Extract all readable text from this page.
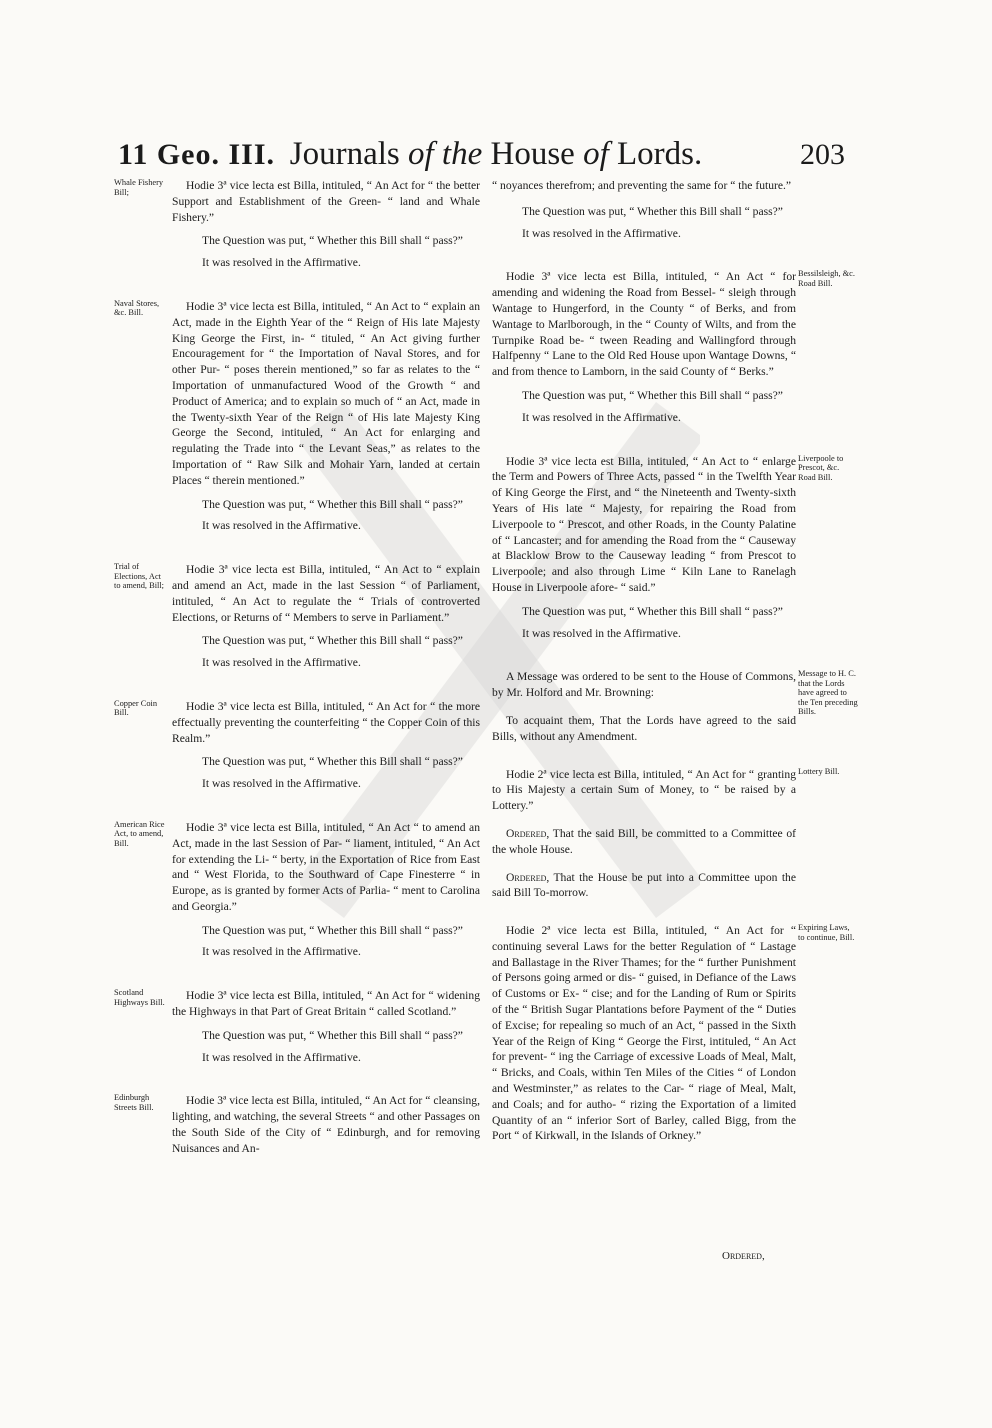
11 Geo. III. Journals of the House of Lords.	203
Whale Fishery Bill;	Hodie 3ª vice lecta est Billa, intituled, “ An Act for “ the better Support and Establishment of the Green- “ land and Whale Fishery.”
The Question was put, “ Whether this Bill shall “ pass?”
It was resolved in the Affirmative.
Naval Stores, &c. Bill.	Hodie 3ª vice lecta est Billa, intituled, “ An Act to “ explain an Act, made in the Eighth Year of the “ Reign of His late Majesty King George the First, in- “ tituled, “ An Act giving further Encouragement for “ the Importation of Naval Stores, and for other Pur- “ poses therein mentioned,” so far as relates to the “ Importation of unmanufactured Wood of the Growth “ and Product of America; and to explain so much of “ an Act, made in the Twenty-sixth Year of the Reign “ of His late Majesty King George the Second, intituled, “ An Act for enlarging and regulating the Trade into “ the Levant Seas,” as relates to the Importation of “ Raw Silk and Mohair Yarn, landed at certain Places “ therein mentioned.”
The Question was put, “ Whether this Bill shall “ pass?”
It was resolved in the Affirmative.
Trial of Elections, Act to amend, Bill;
Hodie 3ª vice lecta est Billa, intituled, “ An Act to “ explain and amend an Act, made in the last Session “ of Parliament, intituled, “ An Act to regulate the “ Trials of controverted Elections, or Returns of “ Members to serve in Parliament.”
The Question was put, “ Whether this Bill shall “ pass?”
It was resolved in the Affirmative.
Copper Coin Bill.	Hodie 3ª vice lecta est Billa, intituled, “ An Act for “ the more effectually preventing the counterfeiting “ the Copper Coin of this Realm.”
The Question was put, “ Whether this Bill shall “ pass?”
It was resolved in the Affirmative.
American Rice Act, to amend, Bill.
Hodie 3ª vice lecta est Billa, intituled, “ An Act “ to amend an Act, made in the last Session of Par- “ liament, intituled, “ An Act for extending the Li- “ berty, in the Exportation of Rice from East and “ West Florida, to the Southward of Cape Finesterre “ in Europe, as is granted by former Acts of Parlia- “ ment to Carolina and Georgia.”
The Question was put, “ Whether this Bill shall “ pass?”
It was resolved in the Affirmative.
Scotland Highways Bill.	Hodie 3ª vice lecta est Billa, intituled, “ An Act for “ widening the Highways in that Part of Great Britain “ called Scotland.”
The Question was put, “ Whether this Bill shall “ pass?”
It was resolved in the Affirmative.
Edinburgh Streets Bill.	Hodie 3ª vice lecta est Billa, intituled, “ An Act for “ cleansing, lighting, and watching, the several Streets “ and other Passages on the South Side of the City of “ Edinburgh, and for removing Nuisances and An-
“ noyances therefrom; and preventing the same for “ the future.”
The Question was put, “ Whether this Bill shall “ pass?”
It was resolved in the Affirmative.
Bessilsleigh, &c. Road Bill.
Hodie 3ª vice lecta est Billa, intituled, “ An Act “ for amending and widening the Road from Bessel- “ sleigh through Wantage to Hungerford, in the County “ of Berks, and from Wantage to Marlborough, in the “ County of Wilts, and from the Turnpike Road be- “ tween Reading and Wallingford through Halfpenny “ Lane to the Old Red House upon Wantage Downs, “ and from thence to Lamborn, in the said County of “ Berks.”
The Question was put, “ Whether this Bill shall “ pass?”
It was resolved in the Affirmative.
Liverpoole to Prescot, &c. Road Bill.
Hodie 3ª vice lecta est Billa, intituled, “ An Act to “ enlarge the Term and Powers of Three Acts, passed “ in the Twelfth Year of King George the First, and “ the Nineteenth and Twenty-sixth Years of His late “ Majesty, for repairing the Road from Liverpoole to “ Prescot, and other Roads, in the County Palatine of “ Lancaster; and for amending the Road from the “ Causeway at Blacklow Brow to the Causeway leading “ from Prescot to Liverpoole; and also through Lime “ Kiln Lane to Ranelagh House in Liverpoole afore- “ said.”
The Question was put, “ Whether this Bill shall “ pass?”
It was resolved in the Affirmative.
Message to H. C. that the Lords have agreed to the Ten preceding Bills.
A Message was ordered to be sent to the House of Commons, by Mr. Holford and Mr. Browning:
To acquaint them, That the Lords have agreed to the said Bills, without any Amendment.
Lottery Bill.
Hodie 2ª vice lecta est Billa, intituled, “ An Act for “ granting to His Majesty a certain Sum of Money, to “ be raised by a Lottery.”
Ordered, That the said Bill, be committed to a Committee of the whole House.
Ordered, That the House be put into a Committee upon the said Bill To-morrow.
Expiring Laws, to continue, Bill.
Hodie 2ª vice lecta est Billa, intituled, “ An Act for “ continuing several Laws for the better Regulation of “ Lastage and Ballastage in the River Thames; for the “ further Punishment of Persons going armed or dis- “ guised, in Defiance of the Laws of Customs or Ex- “ cise; and for the Landing of Rum or Spirits of the “ British Sugar Plantations before Payment of the “ Duties of Excise; for repealing so much of an Act, “ passed in the Sixth Year of the Reign of King “ George the First, intituled, “ An Act for prevent- “ ing the Carriage of excessive Loads of Meal, Malt, “ Bricks, and Coals, within Ten Miles of the Cities “ of London and Westminster,” as relates to the Car- “ riage of Meal, Malt, and Coals; and for autho- “ rizing the Exportation of a limited Quantity of an “ inferior Sort of Barley, called Bigg, from the Port “ of Kirkwall, in the Islands of Orkney.”
Ordered,
